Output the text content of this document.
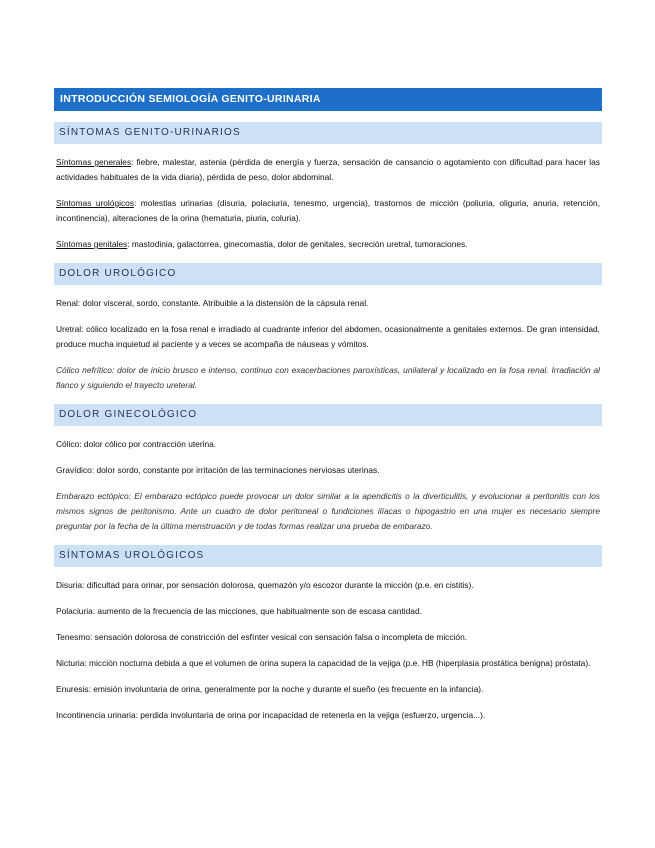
INTRODUCCIÓN SEMIOLOGÍA GENITO-URINARIA
SÍNTOMAS GENITO-URINARIOS

Síntomas generales: fiebre, malestar, astenia (pérdida de energía y fuerza, sensación de cansancio o agotamiento con dificultad para hacer las actividades habituales de la vida diaria), pérdida de peso, dolor abdominal.

Síntomas urológicos: molestias urinarias (disuria, polaciuria, tenesmo, urgencia), trastornos de micción (poliuria, oliguria, anuria, retención, incontinencia), alteraciones de la orina (hematuria, piuria, coluria).

Síntomas genitales: mastodinia, galactorrea, ginecomastia, dolor de genitales, secreción uretral, tumoraciones.

DOLOR UROLÓGICO

Renal: dolor visceral, sordo, constante. Atribuible a la distensión de la cápsula renal.

Uretral: cólico localizado en la fosa renal e irradiado al cuadrante inferior del abdomen, ocasionalmente a genitales externos. De gran intensidad, produce mucha inquietud al paciente y a veces se acompaña de náuseas y vómitos.

Cólico nefrítico: dolor de inicio brusco e intenso, continuo con exacerbaciones paroxísticas, unilateral y localizado en la fosa renal. Irradiación al flanco y siguiendo el trayecto ureteral.

DOLOR GINECOLÓGICO

Cólico: dolor cólico por contracción uterina.

Gravídico: dolor sordo, constante por irritación de las terminaciones nerviosas uterinas.

Embarazo ectópico: El embarazo ectópico puede provocar un dolor similar a la apendicitis o la diverticulitis, y evolucionar a peritonitis con los mismos signos de peritonismo. Ante un cuadro de dolor peritoneal o fundiciones ilíacas o hipogastrio en una mujer es necesario siempre preguntar por la fecha de la última menstruación y de todas formas realizar una prueba de embarazo.

SÍNTOMAS UROLÓGICOS

Disuria: dificultad para orinar, por sensación dolorosa, quemazón y/o escozor durante la micción (p.e. en cistitis).

Polaciuria: aumento de la frecuencia de las micciones, que habitualmente son de escasa cantidad.

Tenesmo: sensación dolorosa de constricción del esfínter vesical con sensación falsa o incompleta de micción.

Nicturia: micción nocturna debida a que el volumen de orina supera la capacidad de la vejiga (p.e. HB (hiperplasia prostática benigna) próstata).

Enuresis: emisión involuntaria de orina, generalmente por la noche y durante el sueño (es frecuente en la infancia).

Incontinencia urinaria: perdida involuntaria de orina por incapacidad de retenerla en la vejiga (esfuerzo, urgencia...).
